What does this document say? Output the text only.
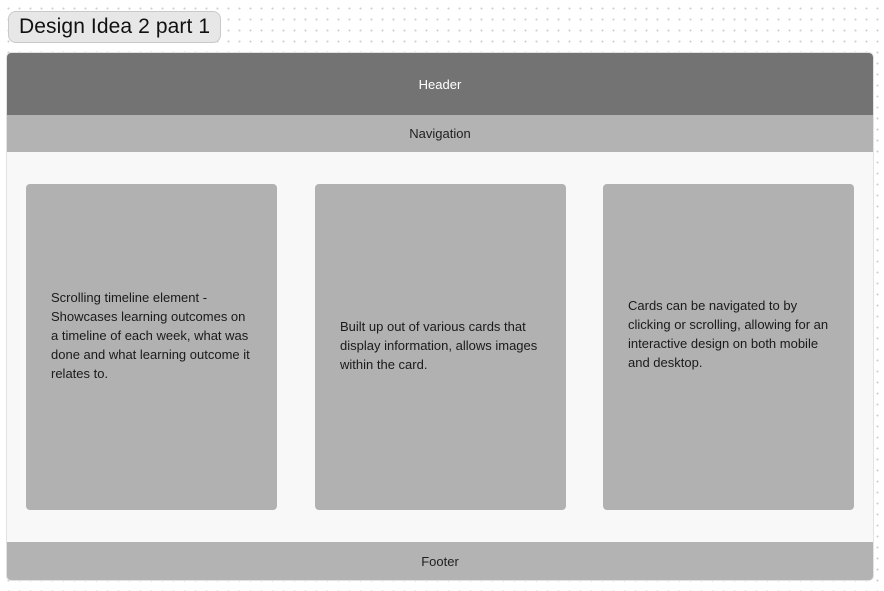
Design Idea 2 part 1
Header
Navigation

Scrolling timeline element - Showcases learning outcomes on a timeline of each week, what was done and what learning outcome it relates to.

Built up out of various cards that display information, allows images within the card.

Cards can be navigated to by clicking or scrolling, allowing for an interactive design on both mobile and desktop.

Footer
